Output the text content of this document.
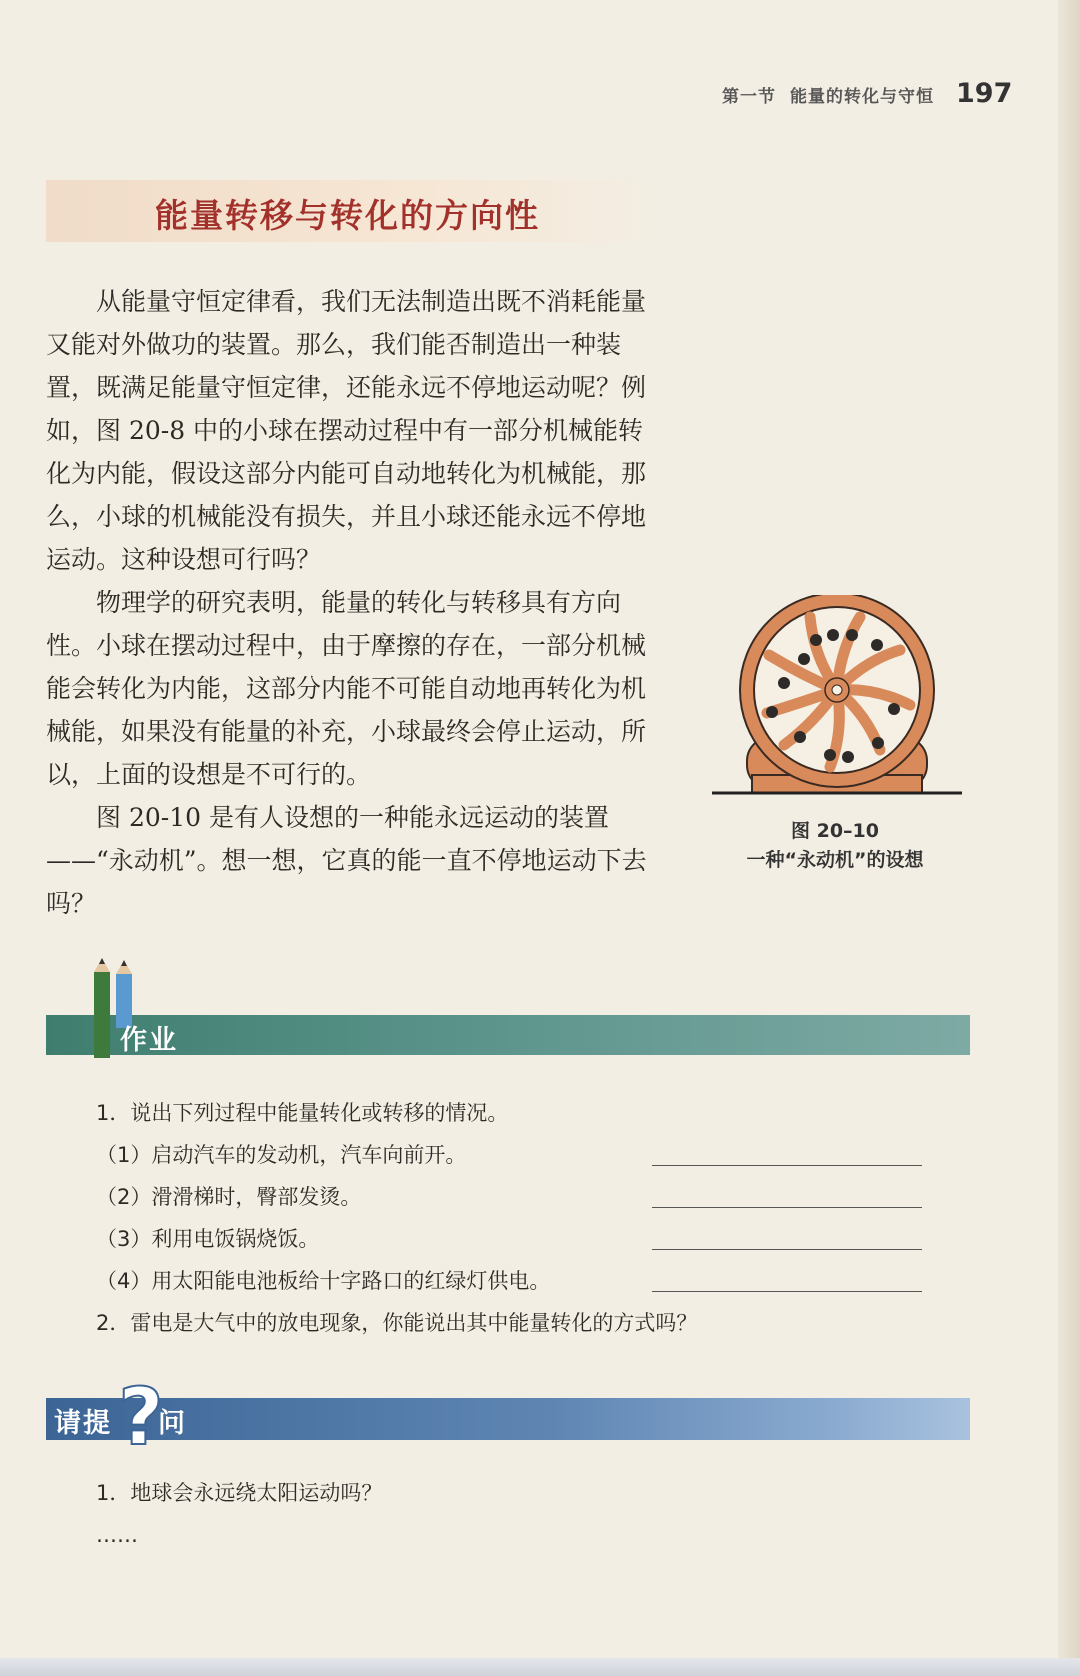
第一节 能量的转化与守恒 197
能量转移与转化的方向性

从能量守恒定律看，我们无法制造出既不消耗能量又能对外做功的装置。那么，我们能否制造出一种装置，既满足能量守恒定律，还能永远不停地运动呢？例如，图 20-8 中的小球在摆动过程中有一部分机械能转化为内能，假设这部分内能可自动地转化为机械能，那么，小球的机械能没有损失，并且小球还能永远不停地运动。这种设想可行吗？

物理学的研究表明，能量的转化与转移具有方向性。小球在摆动过程中，由于摩擦的存在，一部分机械能会转化为内能，这部分内能不可能自动地再转化为机械能，如果没有能量的补充，小球最终会停止运动，所以，上面的设想是不可行的。

图 20-10 是有人设想的一种能永远运动的装置——“永动机”。想一想，它真的能一直不停地运动下去吗？

图 20–10
一种“永动机”的设想
作业
1．说出下列过程中能量转化或转移的情况。
（1）启动汽车的发动机，汽车向前开。
（2）滑滑梯时，臀部发烫。
（3）利用电饭锅烧饭。
（4）用太阳能电池板给十字路口的红绿灯供电。
2．雷电是大气中的放电现象，你能说出其中能量转化的方式吗？
请提 ?
问
1．地球会永远绕太阳运动吗？
……
